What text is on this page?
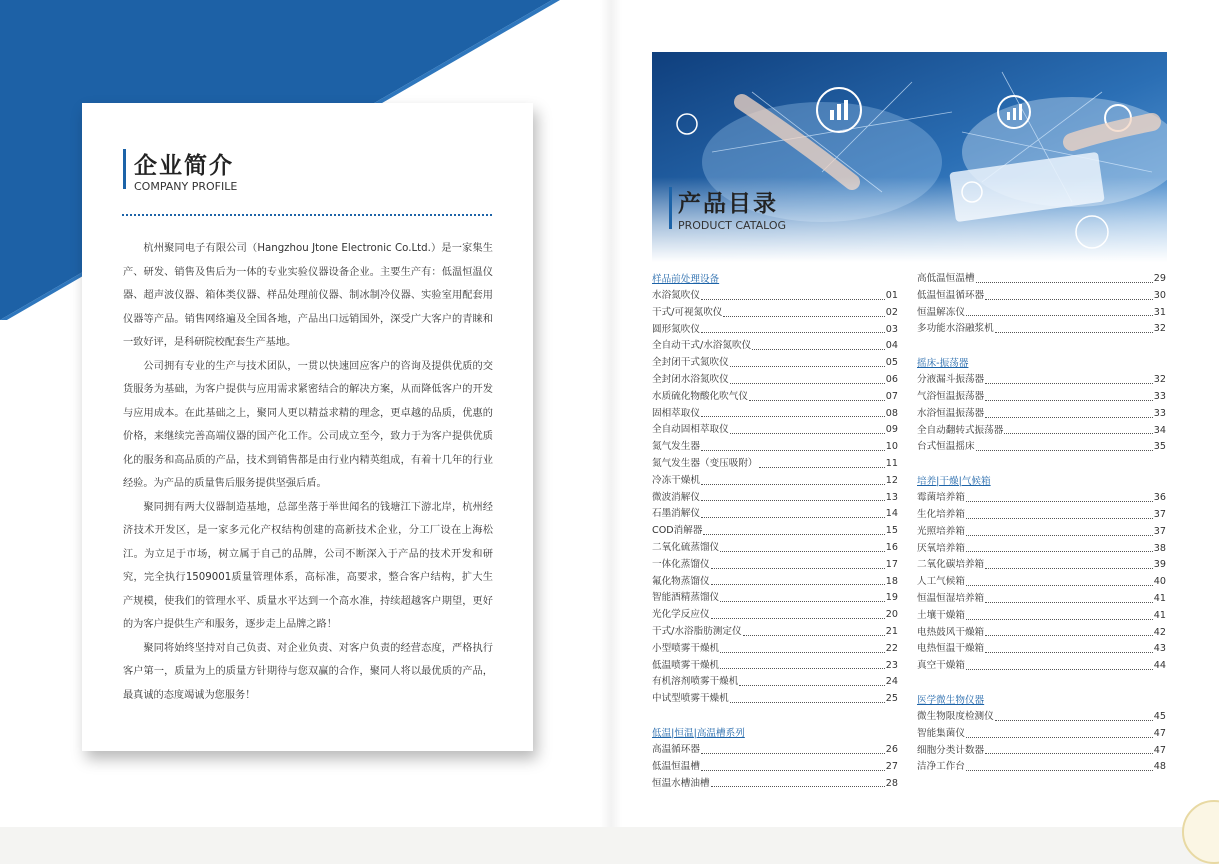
企业简介
COMPANY PROFILE

杭州聚同电子有限公司（Hangzhou Jtone Electronic Co.Ltd.）是一家集生产、研发、销售及售后为一体的专业实验仪器设备企业。主要生产有：低温恒温仪器、超声波仪器、箱体类仪器、样品处理前仪器、制冰制冷仪器、实验室用配套用仪器等产品。销售网络遍及全国各地，产品出口远销国外，深受广大客户的青睐和一致好评，是科研院校配套生产基地。

公司拥有专业的生产与技术团队，一贯以快速回应客户的咨询及提供优质的交货服务为基础，为客户提供与应用需求紧密结合的解决方案，从而降低客户的开发与应用成本。在此基础之上，聚同人更以精益求精的理念，更卓越的品质，优惠的价格，来继续完善高端仪器的国产化工作。公司成立至今，致力于为客户提供优质化的服务和高品质的产品，技术到销售都是由行业内精英组成，有着十几年的行业经验。为产品的质量售后服务提供坚强后盾。

聚同拥有两大仪器制造基地，总部坐落于举世闻名的钱塘江下游北岸，杭州经济技术开发区，是一家多元化产权结构创建的高新技术企业，分工厂设在上海松江。为立足于市场，树立属于自己的品牌，公司不断深入于产品的技术开发和研究，完全执行1509001质量管理体系，高标准，高要求，整合客户结构，扩大生产规模，使我们的管理水平、质量水平达到一个高水准，持续超越客户期望，更好的为客户提供生产和服务，逐步走上品牌之路！

聚同将始终坚持对自己负责、对企业负责、对客户负责的经营态度，严格执行客户第一，质量为上的质量方针期待与您双赢的合作，聚同人将以最优质的产品，最真诚的态度竭诚为您服务！

产品目录
PRODUCT CATALOG
样品前处理设备
水浴氮吹仪	01
干式/可视氮吹仪	02
圆形氮吹仪	03
全自动干式/水浴氮吹仪	04
全封闭干式氮吹仪	05
全封闭水浴氮吹仪	06
水质硫化物酸化吹气仪	07
固相萃取仪	08
全自动固相萃取仪	09
氮气发生器	10
氮气发生器（变压吸附）	11
冷冻干燥机	12
微波消解仪	13
石墨消解仪	14
COD消解器	15
二氧化硫蒸馏仪	16
一体化蒸馏仪	17
氟化物蒸馏仪	18
智能酒精蒸馏仪	19
光化学反应仪	20
干式/水浴脂肪测定仪	21
小型喷雾干燥机	22
低温喷雾干燥机	23
有机溶剂喷雾干燥机	24
中试型喷雾干燥机	25
低温|恒温|高温槽系列
高温循环器	26
低温恒温槽	27
恒温水槽油槽	28
高低温恒温槽	29
低温恒温循环器	30
恒温解冻仪	31
多功能水浴融浆机	32
摇床-振荡器
分液漏斗振荡器	32
气浴恒温振荡器	33
水浴恒温振荡器	33
全自动翻转式振荡器	34
台式恒温摇床	35
培养|干燥|气候箱
霉菌培养箱	36
生化培养箱	37
光照培养箱	37
厌氧培养箱	38
二氧化碳培养箱	39
人工气候箱	40
恒温恒湿培养箱	41
土壤干燥箱	41
电热鼓风干燥箱	42
电热恒温干燥箱	43
真空干燥箱	44
医学微生物仪器
微生物限度检测仪	45
智能集菌仪	47
细胞分类计数器	47
洁净工作台	48
